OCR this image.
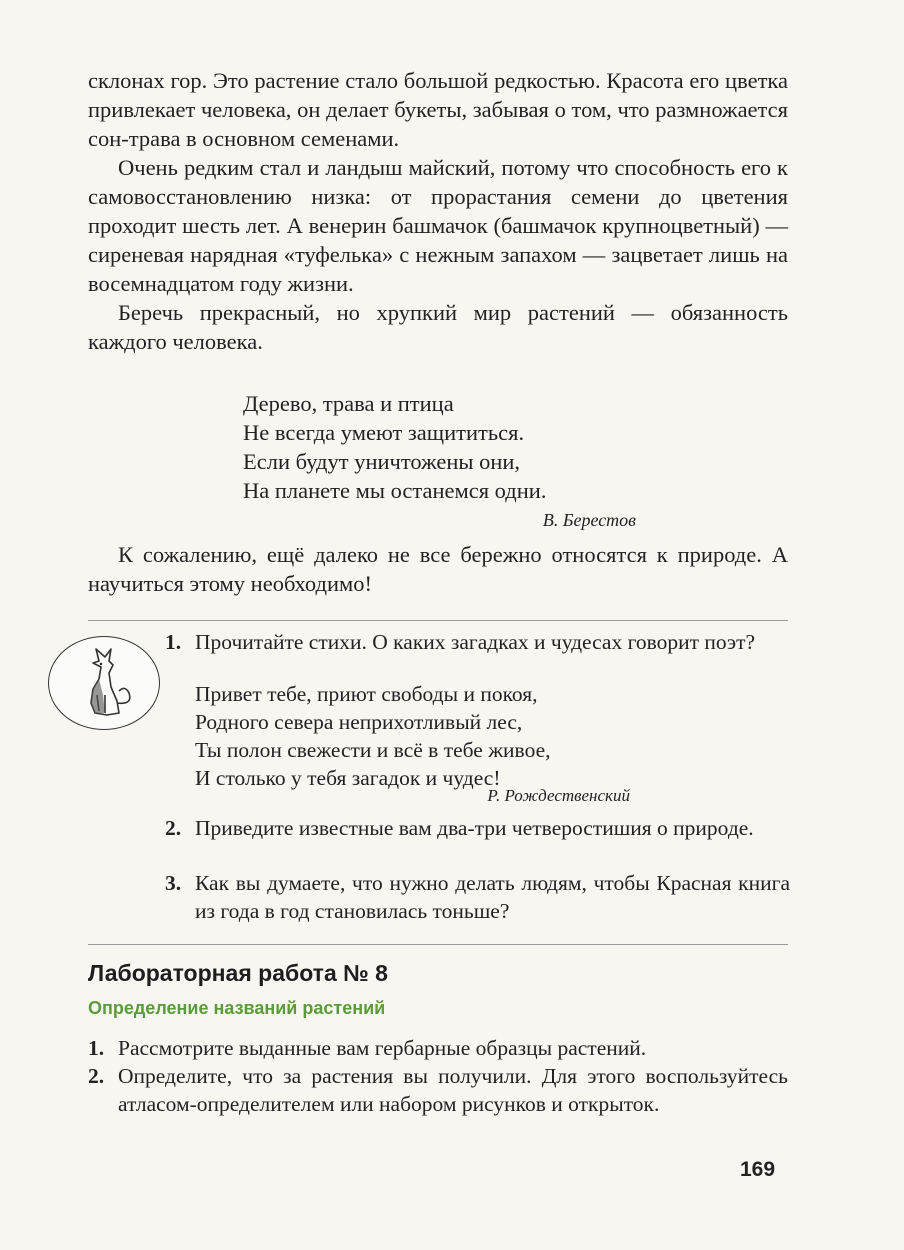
склонах гор. Это растение стало большой редкостью. Красота его цветка привлекает человека, он делает букеты, забывая о том, что размножается сон-трава в основном семенами.

Очень редким стал и ландыш майский, потому что способность его к самовосстановлению низка: от прорастания семени до цветения проходит шесть лет. А венерин башмачок (башмачок крупноцветный) — сиреневая нарядная «туфелька» с нежным запахом — зацветает лишь на восемнадцатом году жизни.

Беречь прекрасный, но хрупкий мир растений — обязанность каждого человека.

Дерево, трава и птица
Не всегда умеют защититься.
Если будут уничтожены они,
На планете мы останемся одни.
В. Берестов
К сожалению, ещё далеко не все бережно относятся к природе. А научиться этому необходимо!
1. Прочитайте стихи. О каких загадках и чудесах говорит поэт?
Привет тебе, приют свободы и покоя,
Родного севера неприхотливый лес,
Ты полон свежести и всё в тебе живое,
И столько у тебя загадок и чудес!
Р. Рождественский
2. Приведите известные вам два-три четверостишия о природе.
3. Как вы думаете, что нужно делать людям, чтобы Красная книга из года в год становилась тоньше?
Лабораторная работа № 8
Определение названий растений
1. Рассмотрите выданные вам гербарные образцы растений.
2. Определите, что за растения вы получили. Для этого воспользуйтесь атласом-определителем или набором рисунков и открыток.
169
